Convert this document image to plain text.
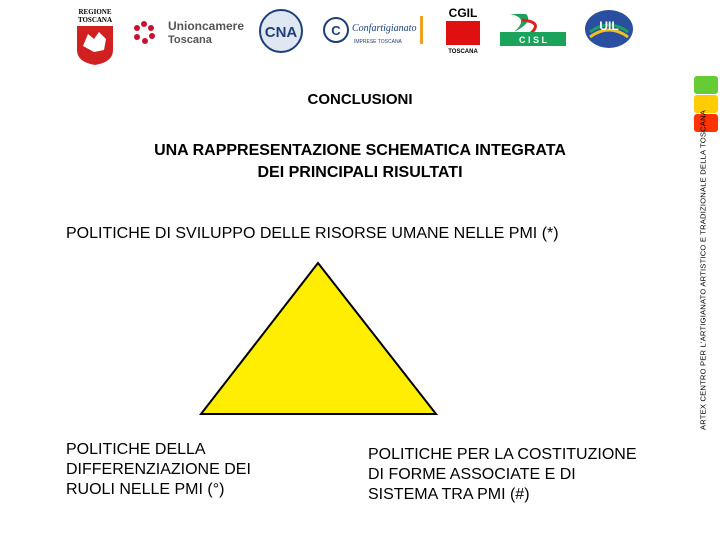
REGIONE
TOSCANA	Unioncamere
Toscana	CNA	C Confartigianato
IMPRESE TOSCANA
CGIL
TOSCANA
C I S L
UIL
ARTEX CENTRO PER L'ARTIGIANATO ARTISTICO E TRADIZIONALE DELLA TOSCANA
CONCLUSIONI
UNA RAPPRESENTAZIONE SCHEMATICA INTEGRATA
DEI PRINCIPALI RISULTATI
POLITICHE DI SVILUPPO DELLE RISORSE UMANE NELLE PMI (*)
POLITICHE DELLA
DIFFERENZIAZIONE DEI
RUOLI NELLE PMI (°)
POLITICHE PER LA COSTITUZIONE
DI FORME ASSOCIATE E DI
SISTEMA TRA PMI (#)
